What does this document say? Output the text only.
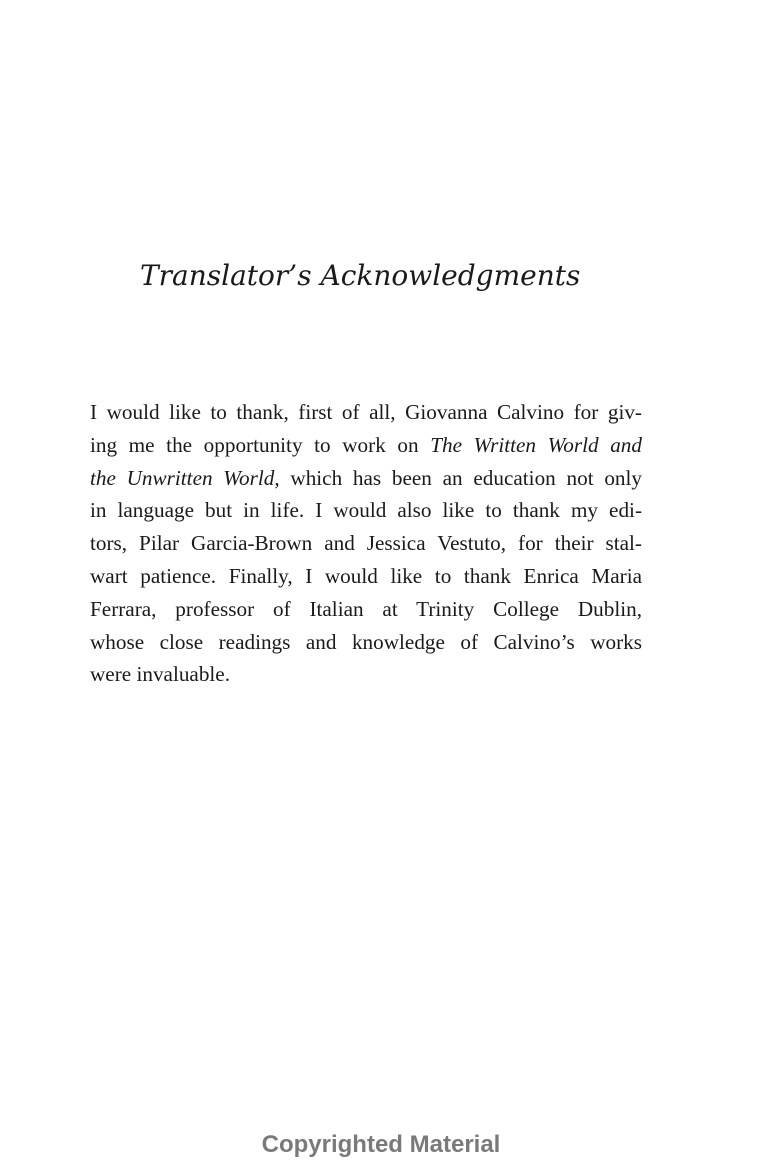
Translator’s Acknowledgments
I would like to thank, first of all, Giovanna Calvino for giv-
ing me the opportunity to work on The Written World and
the Unwritten World, which has been an education not only
in language but in life. I would also like to thank my edi-
tors, Pilar Garcia-Brown and Jessica Vestuto, for their stal-
wart patience. Finally, I would like to thank Enrica Maria
Ferrara, professor of Italian at Trinity College Dublin,
whose close readings and knowledge of Calvino’s works
were invaluable.
Copyrighted Material
